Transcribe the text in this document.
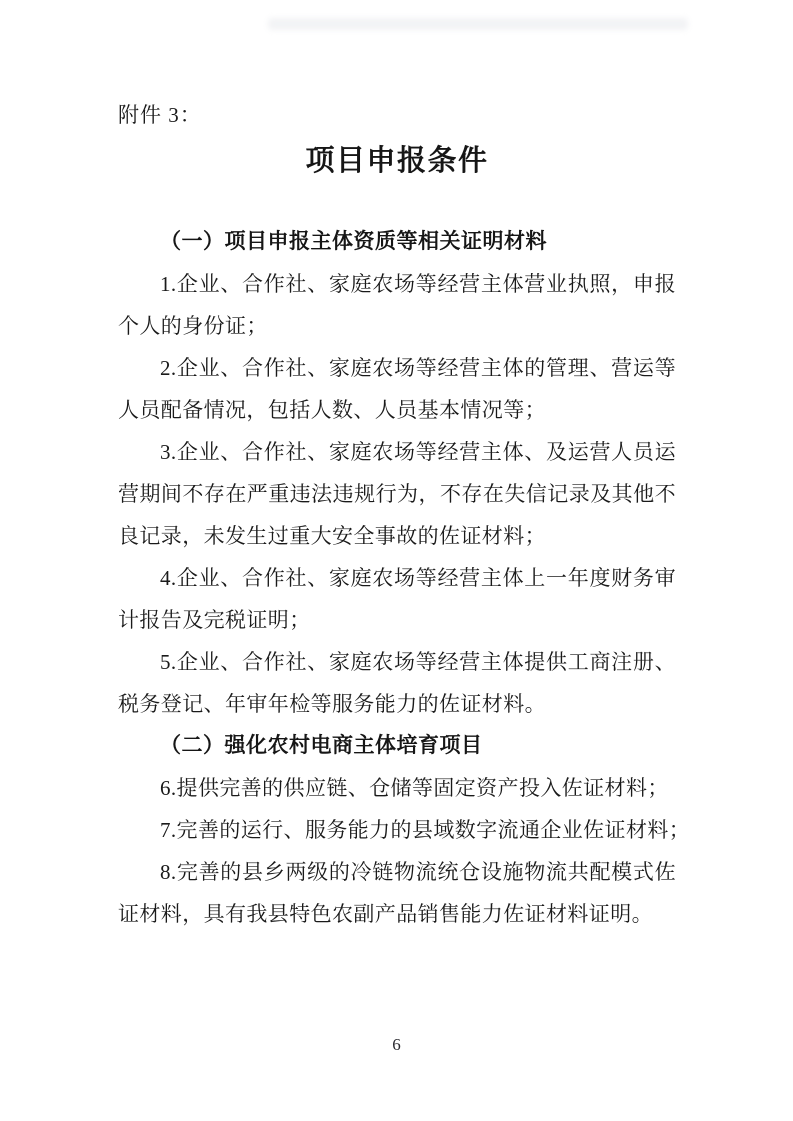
附件 3：
项目申报条件
（一）项目申报主体资质等相关证明材料

1.企业、合作社、家庭农场等经营主体营业执照，申报个人的身份证；

2.企业、合作社、家庭农场等经营主体的管理、营运等人员配备情况，包括人数、人员基本情况等；

3.企业、合作社、家庭农场等经营主体、及运营人员运营期间不存在严重违法违规行为，不存在失信记录及其他不良记录，未发生过重大安全事故的佐证材料；

4.企业、合作社、家庭农场等经营主体上一年度财务审计报告及完税证明；

5.企业、合作社、家庭农场等经营主体提供工商注册、税务登记、年审年检等服务能力的佐证材料。

（二）强化农村电商主体培育项目

6.提供完善的供应链、仓储等固定资产投入佐证材料；

7.完善的运行、服务能力的县域数字流通企业佐证材料；

8.完善的县乡两级的冷链物流统仓设施物流共配模式佐证材料，具有我县特色农副产品销售能力佐证材料证明。

6
